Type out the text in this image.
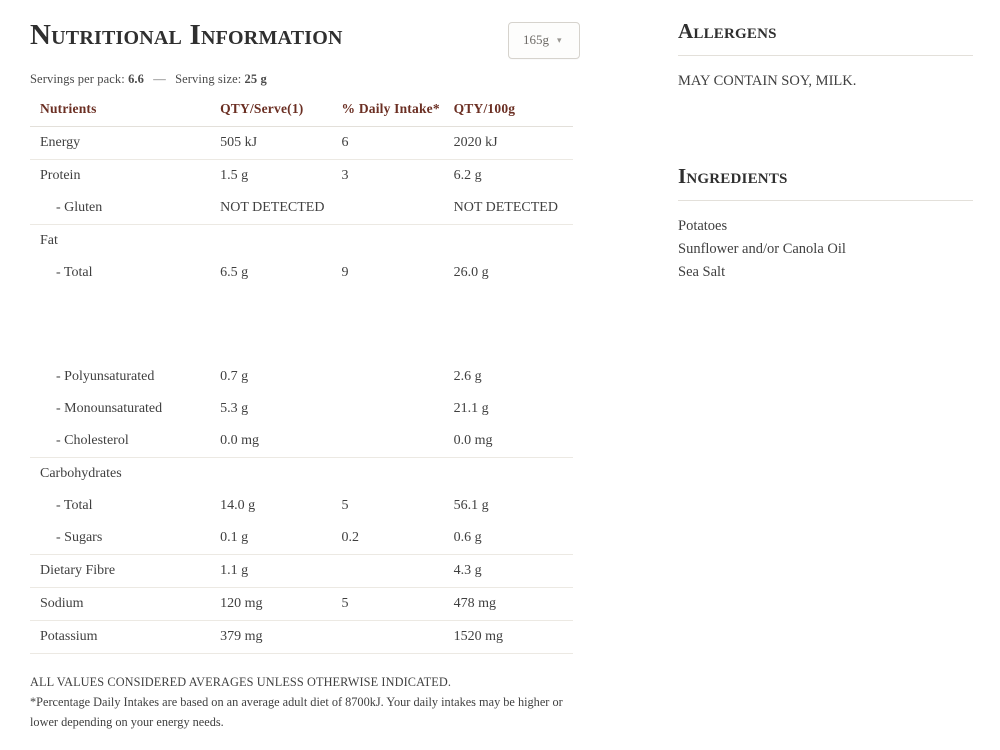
Nutritional Information	165g ▾
Servings per pack: 6.6 — Serving size: 25 g
Nutrients	QTY/Serve(1)	% Daily Intake*	QTY/100g
Energy	505 kJ	6	2020 kJ
Protein	1.5 g	3	6.2 g
- Gluten	NOT DETECTED		NOT DETECTED
Fat			
- Total	6.5 g	9	26.0 g

- Polyunsaturated	0.7 g		2.6 g
- Monounsaturated	5.3 g		21.1 g
- Cholesterol	0.0 mg		0.0 mg
Carbohydrates			
- Total	14.0 g	5	56.1 g
- Sugars	0.1 g	0.2	0.6 g
Dietary Fibre	1.1 g		4.3 g
Sodium	120 mg	5	478 mg
Potassium	379 mg		1520 mg
ALL VALUES CONSIDERED AVERAGES UNLESS OTHERWISE INDICATED.
*Percentage Daily Intakes are based on an average adult diet of 8700kJ. Your daily intakes may be higher or lower depending on your energy needs.
Allergens
MAY CONTAIN SOY, MILK.
Ingredients
Potatoes
Sunflower and/or Canola Oil
Sea Salt
